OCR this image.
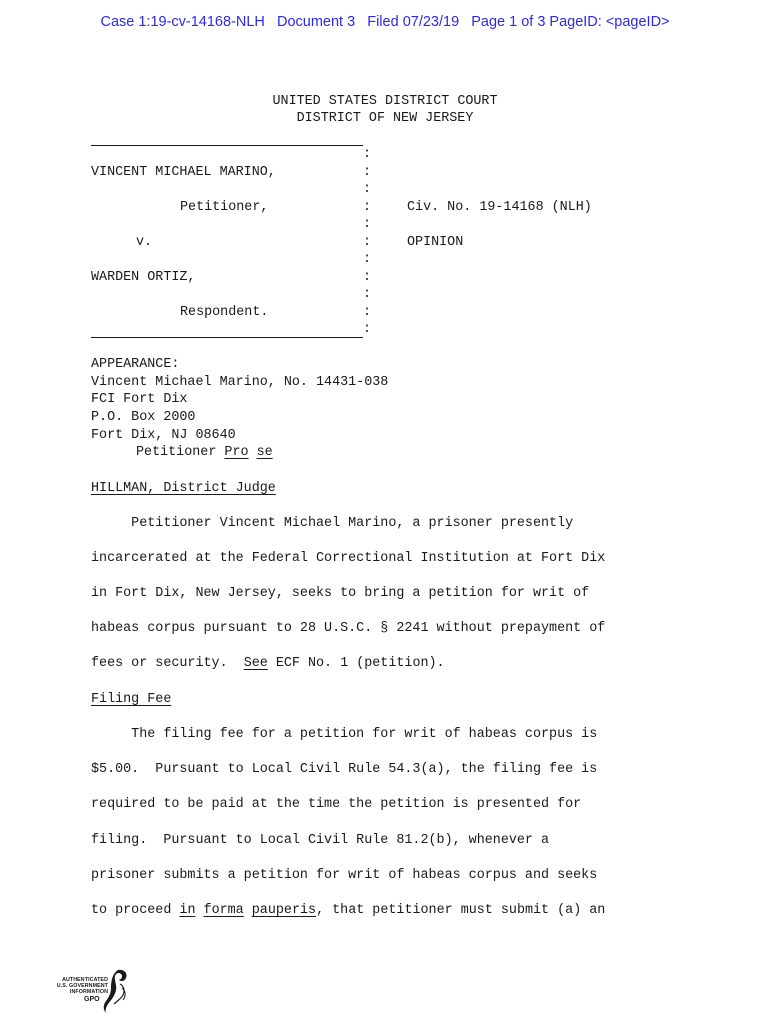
Case 1:19-cv-14168-NLH   Document 3   Filed 07/23/19   Page 1 of 3 PageID: <pageID>
UNITED STATES DISTRICT COURT
DISTRICT OF NEW JERSEY
:
:
:
:
:
:
:
:
:
:
:
VINCENT MICHAEL MARINO,
Petitioner,
v.
WARDEN ORTIZ,
Respondent.
Civ. No. 19-14168 (NLH)
OPINION
APPEARANCE:
Vincent Michael Marino, No. 14431-038
FCI Fort Dix
P.O. Box 2000
Fort Dix, NJ 08640
Petitioner Pro se
HILLMAN, District Judge
Petitioner Vincent Michael Marino, a prisoner presently
incarcerated at the Federal Correctional Institution at Fort Dix
in Fort Dix, New Jersey, seeks to bring a petition for writ of
habeas corpus pursuant to 28 U.S.C. § 2241 without prepayment of
fees or security.  See ECF No. 1 (petition).
Filing Fee
The filing fee for a petition for writ of habeas corpus is
$5.00.  Pursuant to Local Civil Rule 54.3(a), the filing fee is
required to be paid at the time the petition is presented for
filing.  Pursuant to Local Civil Rule 81.2(b), whenever a
prisoner submits a petition for writ of habeas corpus and seeks
to proceed in forma pauperis, that petitioner must submit (a) an
AUTHENTICATED
U.S. GOVERNMENT
INFORMATION
GPO
